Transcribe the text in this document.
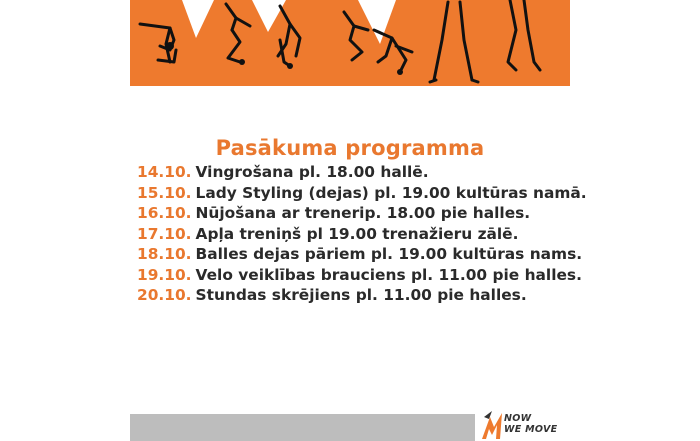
Pasākuma programma
14.10. Vingrošana pl. 18.00 hallē.
15.10. Lady Styling (dejas) pl. 19.00 kultūras namā.
16.10. Nūjošana ar trenerip. 18.00 pie halles.
17.10. Apļa treniņš pl 19.00 trenažieru zālē.
18.10. Balles dejas pāriem pl. 19.00 kultūras nams.
19.10. Velo veiklības brauciens pl. 11.00 pie halles.
20.10. Stundas skrējiens pl. 11.00 pie halles.
NOW
WE MOVE
